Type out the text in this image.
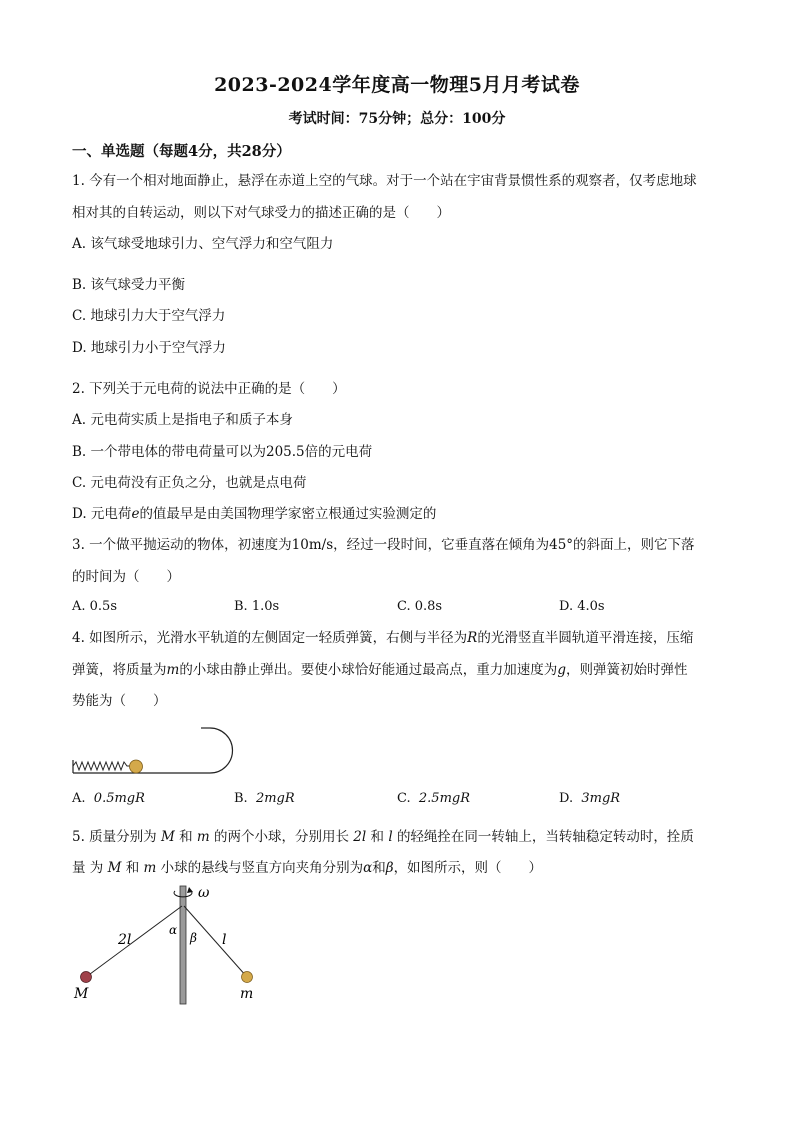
2023-2024学年度高一物理5月月考试卷
考试时间：75分钟；总分：100分
一、单选题（每题4分，共28分）
1. 今有一个相对地面静止，悬浮在赤道上空的气球。对于一个站在宇宙背景惯性系的观察者，仅考虑地球
相对其的自转运动，则以下对气球受力的描述正确的是（　　）
A. 该气球受地球引力、空气浮力和空气阻力
B. 该气球受力平衡
C. 地球引力大于空气浮力
D. 地球引力小于空气浮力
2. 下列关于元电荷的说法中正确的是（　　）
A. 元电荷实质上是指电子和质子本身
B. 一个带电体的带电荷量可以为205.5倍的元电荷
C. 元电荷没有正负之分，也就是点电荷
D. 元电荷e的值最早是由美国物理学家密立根通过实验测定的
3. 一个做平抛运动的物体，初速度为10m/s，经过一段时间，它垂直落在倾角为45°的斜面上，则它下落
的时间为（　　）
A. 0.5s	B. 1.0s	C. 0.8s	D. 4.0s
4. 如图所示，光滑水平轨道的左侧固定一轻质弹簧，右侧与半径为R的光滑竖直半圆轨道平滑连接，压缩
弹簧，将质量为m的小球由静止弹出。要使小球恰好能通过最高点，重力加速度为g，则弹簧初始时弹性
势能为（　　）
A. 0.5mgR	B. 2mgR	C. 2.5mgR	D. 3mgR
5. 质量分别为 M 和 m 的两个小球，分别用长 2l 和 l 的轻绳拴在同一转轴上，当转轴稳定转动时，拴质
量 为 M 和 m 小球的悬线与竖直方向夹角分别为α和β，如图所示，则（　　）
ω
2l	l
α
β
M	m
